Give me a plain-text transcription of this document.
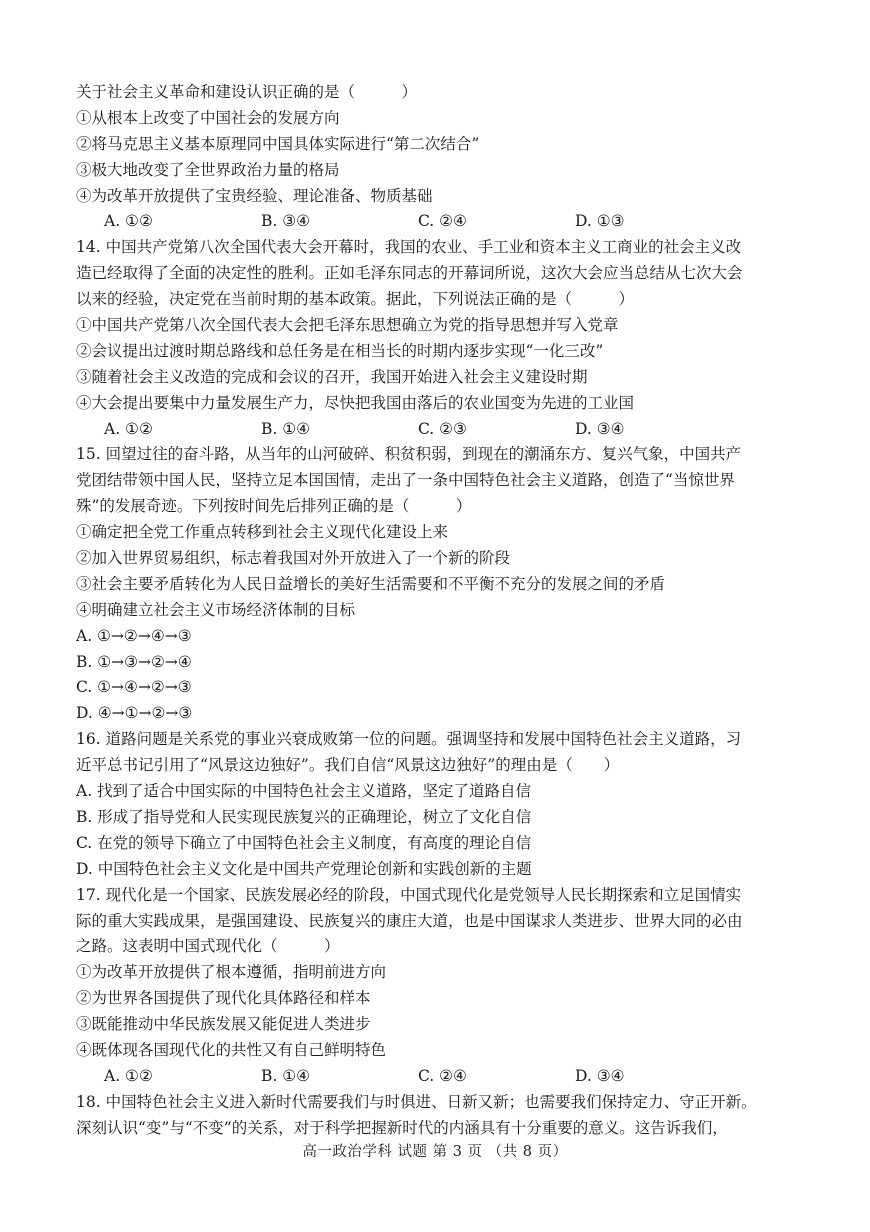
关于社会主义革命和建设认识正确的是（　　　）
①从根本上改变了中国社会的发展方向
②将马克思主义基本原理同中国具体实际进行“第二次结合”
③极大地改变了全世界政治力量的格局
④为改革开放提供了宝贵经验、理论准备、物质基础
A. ①②	B. ③④	C. ②④	D. ①③
14. 中国共产党第八次全国代表大会开幕时，我国的农业、手工业和资本主义工商业的社会主义改
造已经取得了全面的决定性的胜利。正如毛泽东同志的开幕词所说，这次大会应当总结从七次大会
以来的经验，决定党在当前时期的基本政策。据此，下列说法正确的是（　　　）
①中国共产党第八次全国代表大会把毛泽东思想确立为党的指导思想并写入党章
②会议提出过渡时期总路线和总任务是在相当长的时期内逐步实现“一化三改”
③随着社会主义改造的完成和会议的召开，我国开始进入社会主义建设时期
④大会提出要集中力量发展生产力，尽快把我国由落后的农业国变为先进的工业国
A. ①②	B. ①④	C. ②③	D. ③④
15. 回望过往的奋斗路，从当年的山河破碎、积贫积弱，到现在的潮涌东方、复兴气象，中国共产
党团结带领中国人民，坚持立足本国国情，走出了一条中国特色社会主义道路，创造了“当惊世界
殊”的发展奇迹。下列按时间先后排列正确的是（　　　）
①确定把全党工作重点转移到社会主义现代化建设上来
②加入世界贸易组织，标志着我国对外开放进入了一个新的阶段
③社会主要矛盾转化为人民日益增长的美好生活需要和不平衡不充分的发展之间的矛盾
④明确建立社会主义市场经济体制的目标
A. ①→②→④→③
B. ①→③→②→④
C. ①→④→②→③
D. ④→①→②→③
16. 道路问题是关系党的事业兴衰成败第一位的问题。强调坚持和发展中国特色社会主义道路，习
近平总书记引用了“风景这边独好”。我们自信“风景这边独好”的理由是（　　）
A. 找到了适合中国实际的中国特色社会主义道路，坚定了道路自信
B. 形成了指导党和人民实现民族复兴的正确理论，树立了文化自信
C. 在党的领导下确立了中国特色社会主义制度，有高度的理论自信
D. 中国特色社会主义文化是中国共产党理论创新和实践创新的主题
17. 现代化是一个国家、民族发展必经的阶段，中国式现代化是党领导人民长期探索和立足国情实
际的重大实践成果，是强国建设、民族复兴的康庄大道，也是中国谋求人类进步、世界大同的必由
之路。这表明中国式现代化（　　　）
①为改革开放提供了根本遵循，指明前进方向
②为世界各国提供了现代化具体路径和样本
③既能推动中华民族发展又能促进人类进步
④既体现各国现代化的共性又有自己鲜明特色
A. ①②	B. ①④	C. ②④	D. ③④
18. 中国特色社会主义进入新时代需要我们与时俱进、日新又新；也需要我们保持定力、守正开新。
深刻认识“变”与“不变”的关系，对于科学把握新时代的内涵具有十分重要的意义。这告诉我们，
高一政治学科 试题 第 3 页 （共 8 页）
